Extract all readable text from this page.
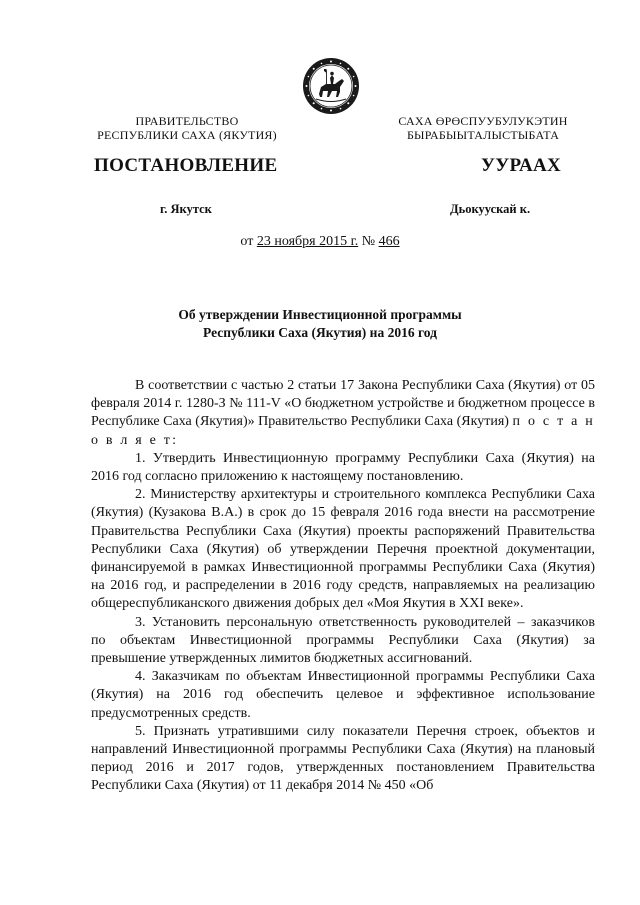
ПРАВИТЕЛЬСТВО
РЕСПУБЛИКИ САХА (ЯКУТИЯ)
САХА ӨРӨСПУУБУЛУКЭТИН
БЫРАБЫЫТАЛЫСТЫБАТА
ПОСТАНОВЛЕНИЕ	УУРААХ
г. Якутск	Дьокуускай к.
от 23 ноября 2015 г. № 466
Об утверждении Инвестиционной программы
Республики Саха (Якутия) на 2016 год

В соответствии с частью 2 статьи 17 Закона Республики Саха (Якутия) от 05 февраля 2014 г. 1280-З № 111-V «О бюджетном устройстве и бюджетном процессе в Республике Саха (Якутия)» Правительство Республики Саха (Якутия) п о с т а н о в л я е т:

1. Утвердить Инвестиционную программу Республики Саха (Якутия) на 2016 год согласно приложению к настоящему постановлению.

2. Министерству архитектуры и строительного комплекса Республики Саха (Якутия) (Кузакова В.А.) в срок до 15 февраля 2016 года внести на рассмотрение Правительства Республики Саха (Якутия) проекты распоряжений Правительства Республики Саха (Якутия) об утверждении Перечня проектной документации, финансируемой в рамках Инвестиционной программы Республики Саха (Якутия) на 2016 год, и распределении в 2016 году средств, направляемых на реализацию общереспубликанского движения добрых дел «Моя Якутия в XXI веке».

3. Установить персональную ответственность руководителей – заказчиков по объектам Инвестиционной программы Республики Саха (Якутия) за превышение утвержденных лимитов бюджетных ассигнований.

4. Заказчикам по объектам Инвестиционной программы Республики Саха (Якутия) на 2016 год обеспечить целевое и эффективное использование предусмотренных средств.

5. Признать утратившими силу показатели Перечня строек, объектов и направлений Инвестиционной программы Республики Саха (Якутия) на плановый период 2016 и 2017 годов, утвержденных постановлением Правительства Республики Саха (Якутия) от 11 декабря 2014 № 450 «Об
